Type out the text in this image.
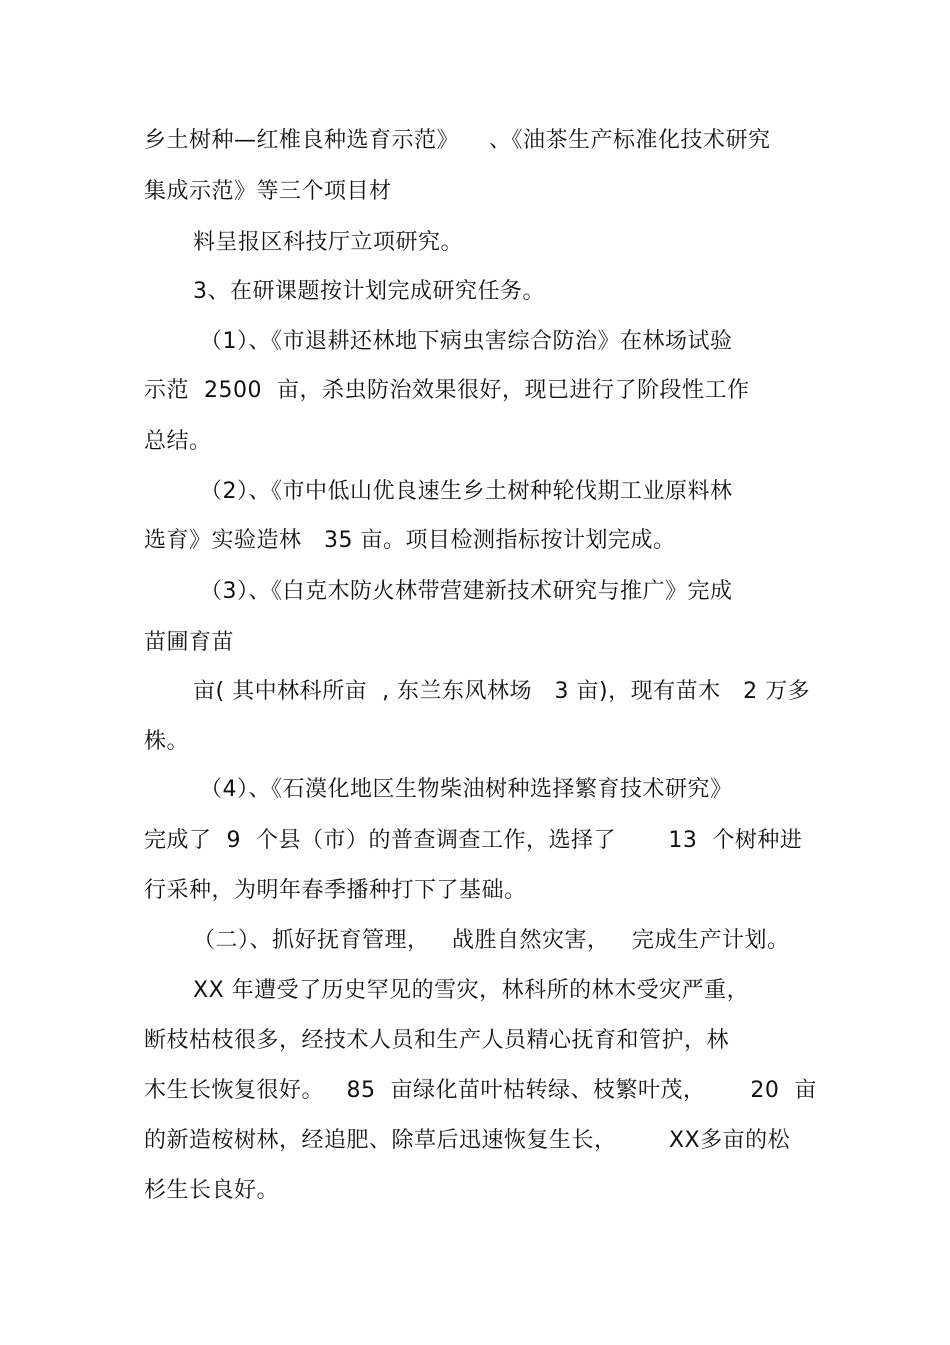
乡土树种—红椎良种选育示范》    、《油茶生产标准化技术研究
集成示范》等三个项目材
料呈报区科技厅立项研究。
3、在研课题按计划完成研究任务。
（1）、《市退耕还林地下病虫害综合防治》在林场试验
示范  2500  亩，杀虫防治效果很好，现已进行了阶段性工作
总结。
（2）、《市中低山优良速生乡土树种轮伐期工业原料林
选育》实验造林   35 亩。项目检测指标按计划完成。
（3）、《白克木防火林带营建新技术研究与推广》完成
苗圃育苗
亩( 其中林科所亩  , 东兰东风林场   3 亩)，现有苗木   2 万多
株。
（4）、《石漠化地区生物柴油树种选择繁育技术研究》
完成了  9  个县（市）的普查调查工作，选择了       13  个树种进
行采种，为明年春季播种打下了基础。
（二）、抓好抚育管理，   战胜自然灾害，   完成生产计划。
XX 年遭受了历史罕见的雪灾，林科所的林木受灾严重，
断枝枯枝很多，经技术人员和生产人员精心抚育和管护，林
木生长恢复很好。   85  亩绿化苗叶枯转绿、枝繁叶茂，      20  亩
的新造桉树林，经追肥、除草后迅速恢复生长，       XX多亩的松
杉生长良好。
